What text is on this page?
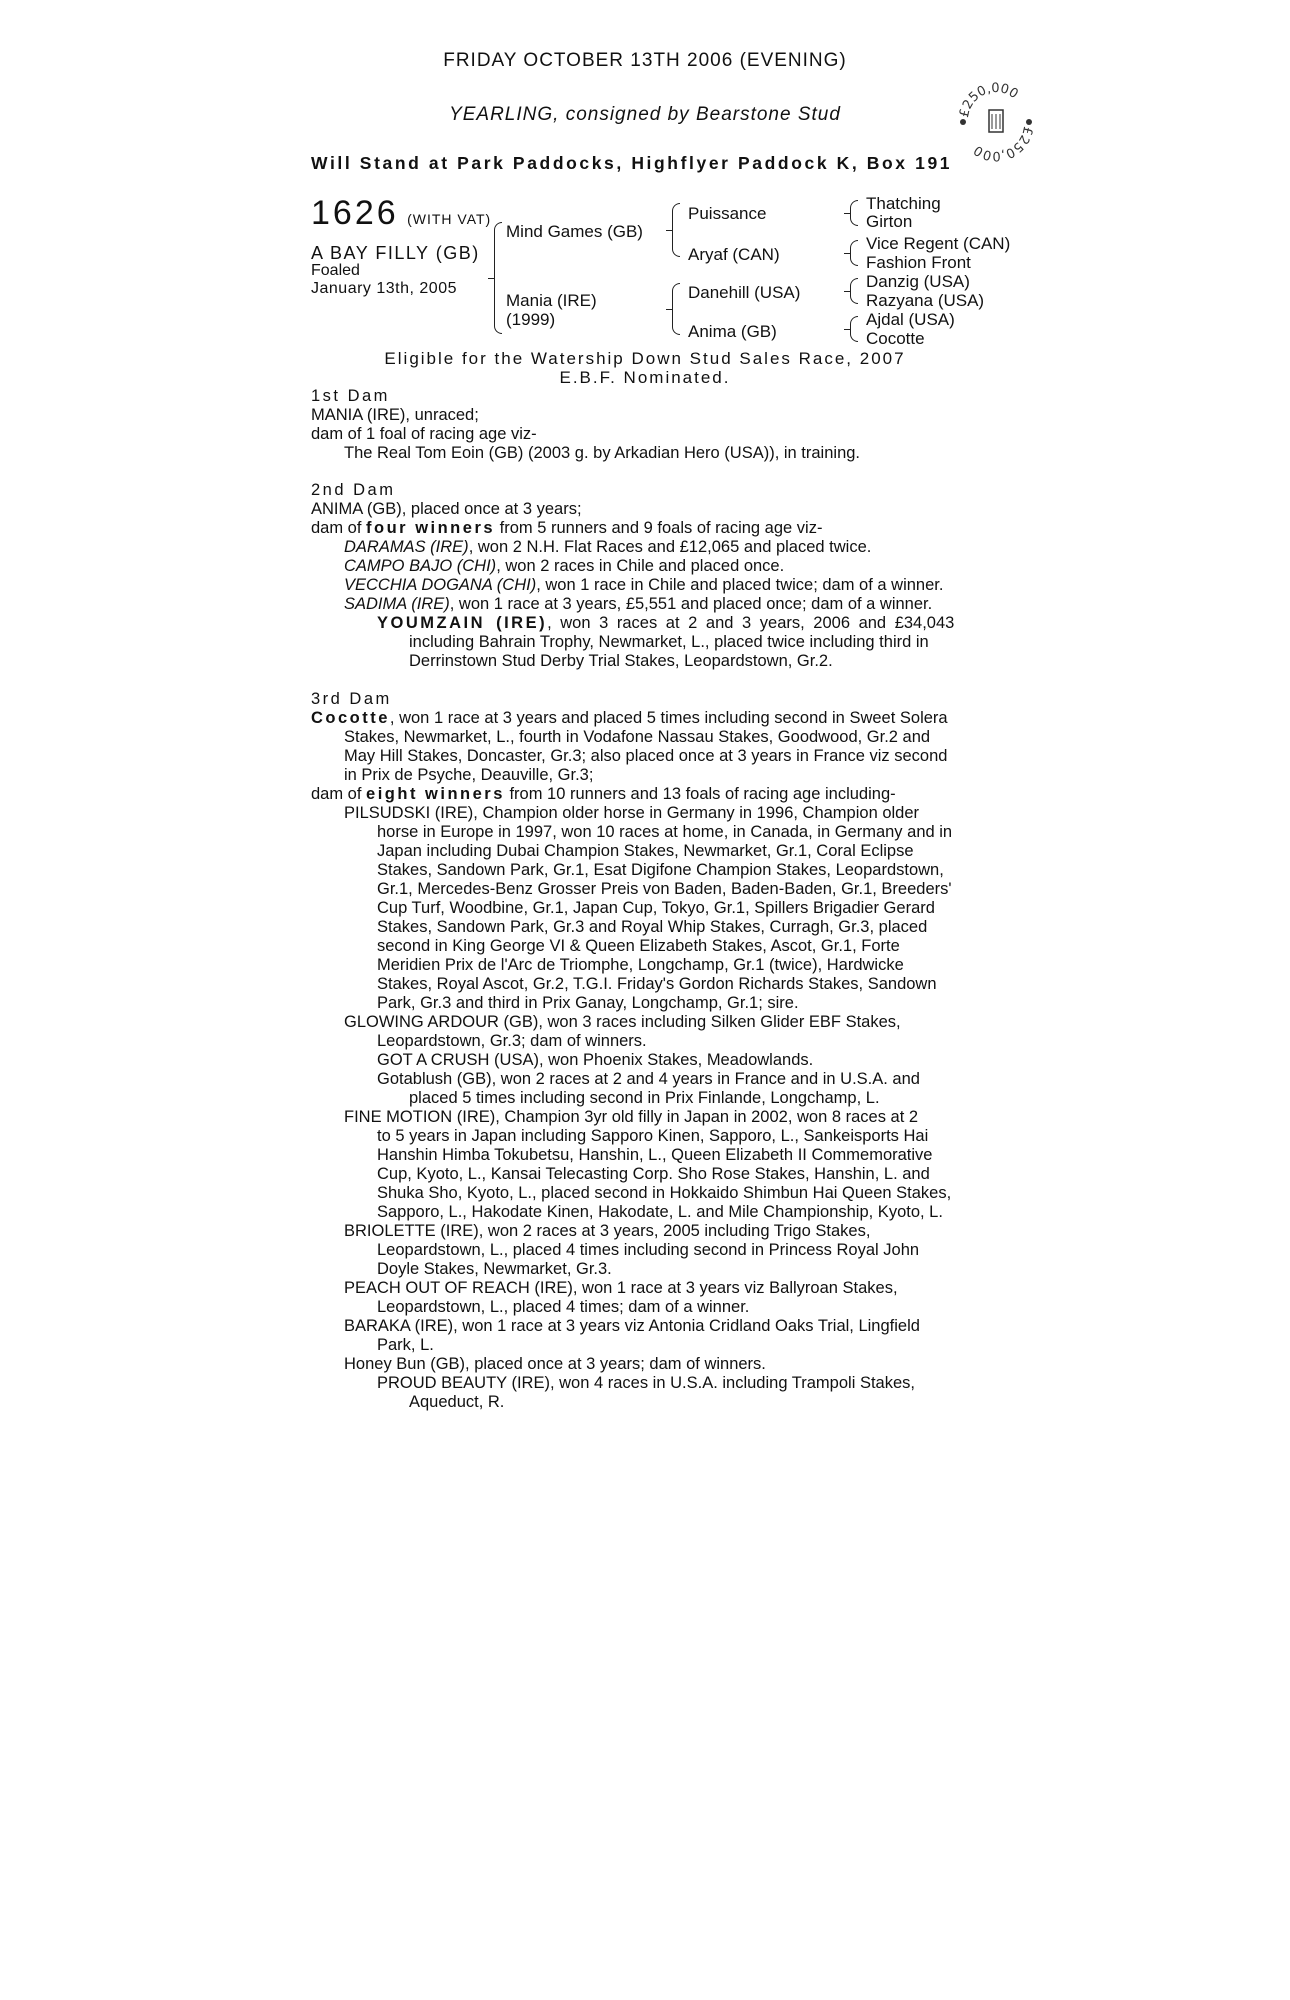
FRIDAY OCTOBER 13TH 2006 (EVENING)
YEARLING, consigned by Bearstone Stud
Will Stand at Park Paddocks, Highflyer Paddock K, Box 191
£250,000
£250,000
1626 (WITH VAT)
A BAY FILLY (GB)
Foaled
January 13th, 2005
Mind Games (GB)
Mania (IRE)
(1999)
Puissance
Aryaf (CAN)
Danehill (USA)
Anima (GB)
Thatching
Girton
Vice Regent (CAN)
Fashion Front
Danzig (USA)
Razyana (USA)
Ajdal (USA)
Cocotte
Eligible for the Watership Down Stud Sales Race, 2007
E.B.F. Nominated.
1st Dam
MANIA (IRE), unraced;
dam of 1 foal of racing age viz-
The Real Tom Eoin (GB) (2003 g. by Arkadian Hero (USA)), in training.
2nd Dam
ANIMA (GB), placed once at 3 years;
dam of four winners from 5 runners and 9 foals of racing age viz-
DARAMAS (IRE), won 2 N.H. Flat Races and £12,065 and placed twice.
CAMPO BAJO (CHI), won 2 races in Chile and placed once.
VECCHIA DOGANA (CHI), won 1 race in Chile and placed twice; dam of a winner.
SADIMA (IRE), won 1 race at 3 years, £5,551 and placed once; dam of a winner.
YOUMZAIN (IRE), won 3 races at 2 and 3 years, 2006 and £34,043
including Bahrain Trophy, Newmarket, L., placed twice including third in
Derrinstown Stud Derby Trial Stakes, Leopardstown, Gr.2.
3rd Dam
Cocotte, won 1 race at 3 years and placed 5 times including second in Sweet Solera
Stakes, Newmarket, L., fourth in Vodafone Nassau Stakes, Goodwood, Gr.2 and
May Hill Stakes, Doncaster, Gr.3; also placed once at 3 years in France viz second
in Prix de Psyche, Deauville, Gr.3;
dam of eight winners from 10 runners and 13 foals of racing age including-
PILSUDSKI (IRE), Champion older horse in Germany in 1996, Champion older
horse in Europe in 1997, won 10 races at home, in Canada, in Germany and in
Japan including Dubai Champion Stakes, Newmarket, Gr.1, Coral Eclipse
Stakes, Sandown Park, Gr.1, Esat Digifone Champion Stakes, Leopardstown,
Gr.1, Mercedes-Benz Grosser Preis von Baden, Baden-Baden, Gr.1, Breeders'
Cup Turf, Woodbine, Gr.1, Japan Cup, Tokyo, Gr.1, Spillers Brigadier Gerard
Stakes, Sandown Park, Gr.3 and Royal Whip Stakes, Curragh, Gr.3, placed
second in King George VI & Queen Elizabeth Stakes, Ascot, Gr.1, Forte
Meridien Prix de l'Arc de Triomphe, Longchamp, Gr.1 (twice), Hardwicke
Stakes, Royal Ascot, Gr.2, T.G.I. Friday's Gordon Richards Stakes, Sandown
Park, Gr.3 and third in Prix Ganay, Longchamp, Gr.1; sire.
GLOWING ARDOUR (GB), won 3 races including Silken Glider EBF Stakes,
Leopardstown, Gr.3; dam of winners.
GOT A CRUSH (USA), won Phoenix Stakes, Meadowlands.
Gotablush (GB), won 2 races at 2 and 4 years in France and in U.S.A. and
placed 5 times including second in Prix Finlande, Longchamp, L.
FINE MOTION (IRE), Champion 3yr old filly in Japan in 2002, won 8 races at 2
to 5 years in Japan including Sapporo Kinen, Sapporo, L., Sankeisports Hai
Hanshin Himba Tokubetsu, Hanshin, L., Queen Elizabeth II Commemorative
Cup, Kyoto, L., Kansai Telecasting Corp. Sho Rose Stakes, Hanshin, L. and
Shuka Sho, Kyoto, L., placed second in Hokkaido Shimbun Hai Queen Stakes,
Sapporo, L., Hakodate Kinen, Hakodate, L. and Mile Championship, Kyoto, L.
BRIOLETTE (IRE), won 2 races at 3 years, 2005 including Trigo Stakes,
Leopardstown, L., placed 4 times including second in Princess Royal John
Doyle Stakes, Newmarket, Gr.3.
PEACH OUT OF REACH (IRE), won 1 race at 3 years viz Ballyroan Stakes,
Leopardstown, L., placed 4 times; dam of a winner.
BARAKA (IRE), won 1 race at 3 years viz Antonia Cridland Oaks Trial, Lingfield
Park, L.
Honey Bun (GB), placed once at 3 years; dam of winners.
PROUD BEAUTY (IRE), won 4 races in U.S.A. including Trampoli Stakes,
Aqueduct, R.
